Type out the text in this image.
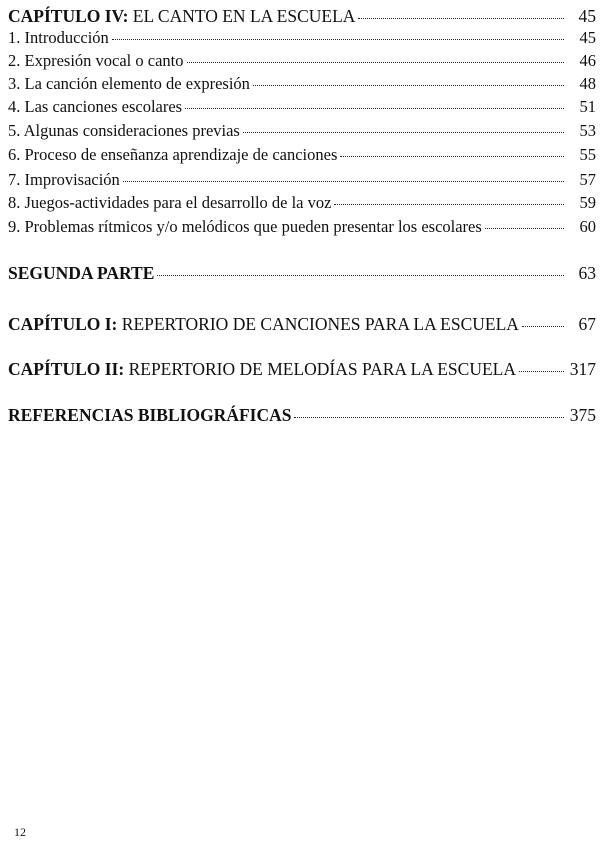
CAPÍTULO IV: EL CANTO EN LA ESCUELA	45
1. Introducción	45
2. Expresión vocal o canto	46
3. La canción elemento de expresión	48
4. Las canciones escolares	51
5. Algunas consideraciones previas	53
6. Proceso de enseñanza aprendizaje de canciones	55
7. Improvisación	57
8. Juegos-actividades para el desarrollo de la voz	59
9. Problemas rítmicos y/o melódicos que pueden presentar los escolares	60
SEGUNDA PARTE	63
CAPÍTULO I: REPERTORIO DE CANCIONES PARA LA ESCUELA	67
CAPÍTULO II: REPERTORIO DE MELODÍAS PARA LA ESCUELA	317
REFERENCIAS BIBLIOGRÁFICAS	375
12
